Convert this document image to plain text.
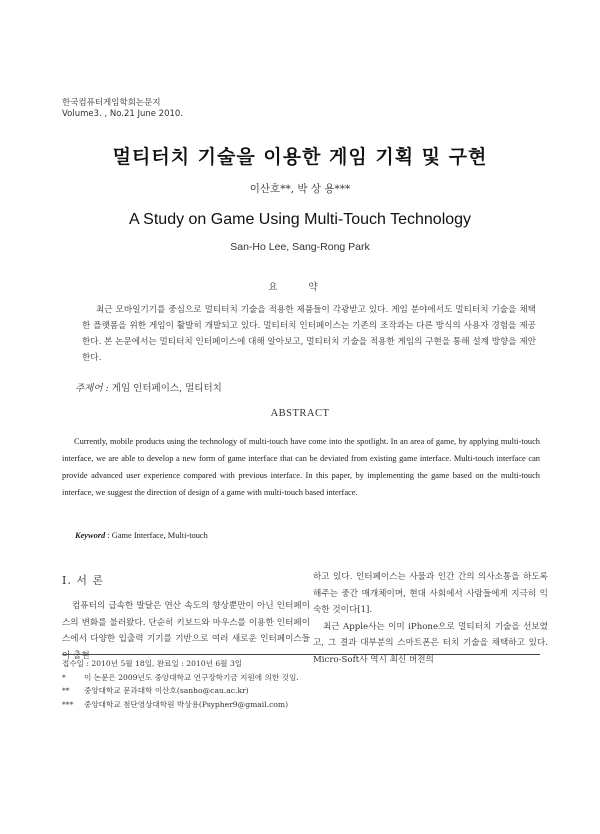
한국컴퓨터게임학회논문지
Volume3. , No.21 June 2010.
멀티터치 기술을 이용한 게임 기획 및 구현
이산호**, 박 상 용***
A Study on Game Using Multi-Touch Technology
San-Ho Lee, Sang-Rong Park
요 약
최근 모바일기기를 중심으로 멀티터치 기술을 적용한 제품들이 각광받고 있다. 게임 분야에서도 멀티터치 기술을 채택한 플랫폼을 위한 게임이 활발히 개발되고 있다. 멀티터치 인터페이스는 기존의 조작과는 다른 방식의 사용자 경험을 제공한다. 본 논문에서는 멀티터치 인터페이스에 대해 알아보고, 멀티터치 기술을 적용한 게임의 구현을 통해 설계 방향을 제안한다.
주제어 : 게임 인터페이스, 멀티터치
ABSTRACT
Currently, mobile products using the technology of multi-touch have come into the spotlight. In an area of game, by applying multi-touch interface, we are able to develop a new form of game interface that can be deviated from existing game interface. Multi-touch interface can provide advanced user experience compared with previous interface. In this paper, by implementing the game based on the multi-touch interface, we suggest the direction of design of a game with multi-touch based interface.
Keyword : Game Interface, Multi-touch
Ⅰ. 서 론
컴퓨터의 급속한 발달은 연산 속도의 향상뿐만이 아닌 인터페이스의 변화를 불러왔다. 단순히 키보드와 마우스를 이용한 인터페이스에서 다양한 입출력 기기를 기반으로 여러 새로운 인터페이스들이 출현

하고 있다. 인터페이스는 사물과 인간 간의 의사소통을 하도록 해주는 중간 매개체이며, 현대 사회에서 사람들에게 지극히 익숙한 것이다[1].

최근 Apple사는 이미 iPhone으로 멀티터치 기술을 선보였고, 그 결과 대부분의 스마트폰은 터치 기술을 채택하고 있다. Micro-Soft사 역시 최신 버전의

접수일 : 2010년 5월 18일, 완료일 : 2010년 6월 3일
* 이 논문은 2009년도 중앙대학교 연구장학기금 지원에 의한 것임.
** 중앙대학교 문과대학 이산호(sanho@cau.ac.kr)
*** 중앙대학교 첨단영상대학원 박상용(Psypher9@gmail.com)
